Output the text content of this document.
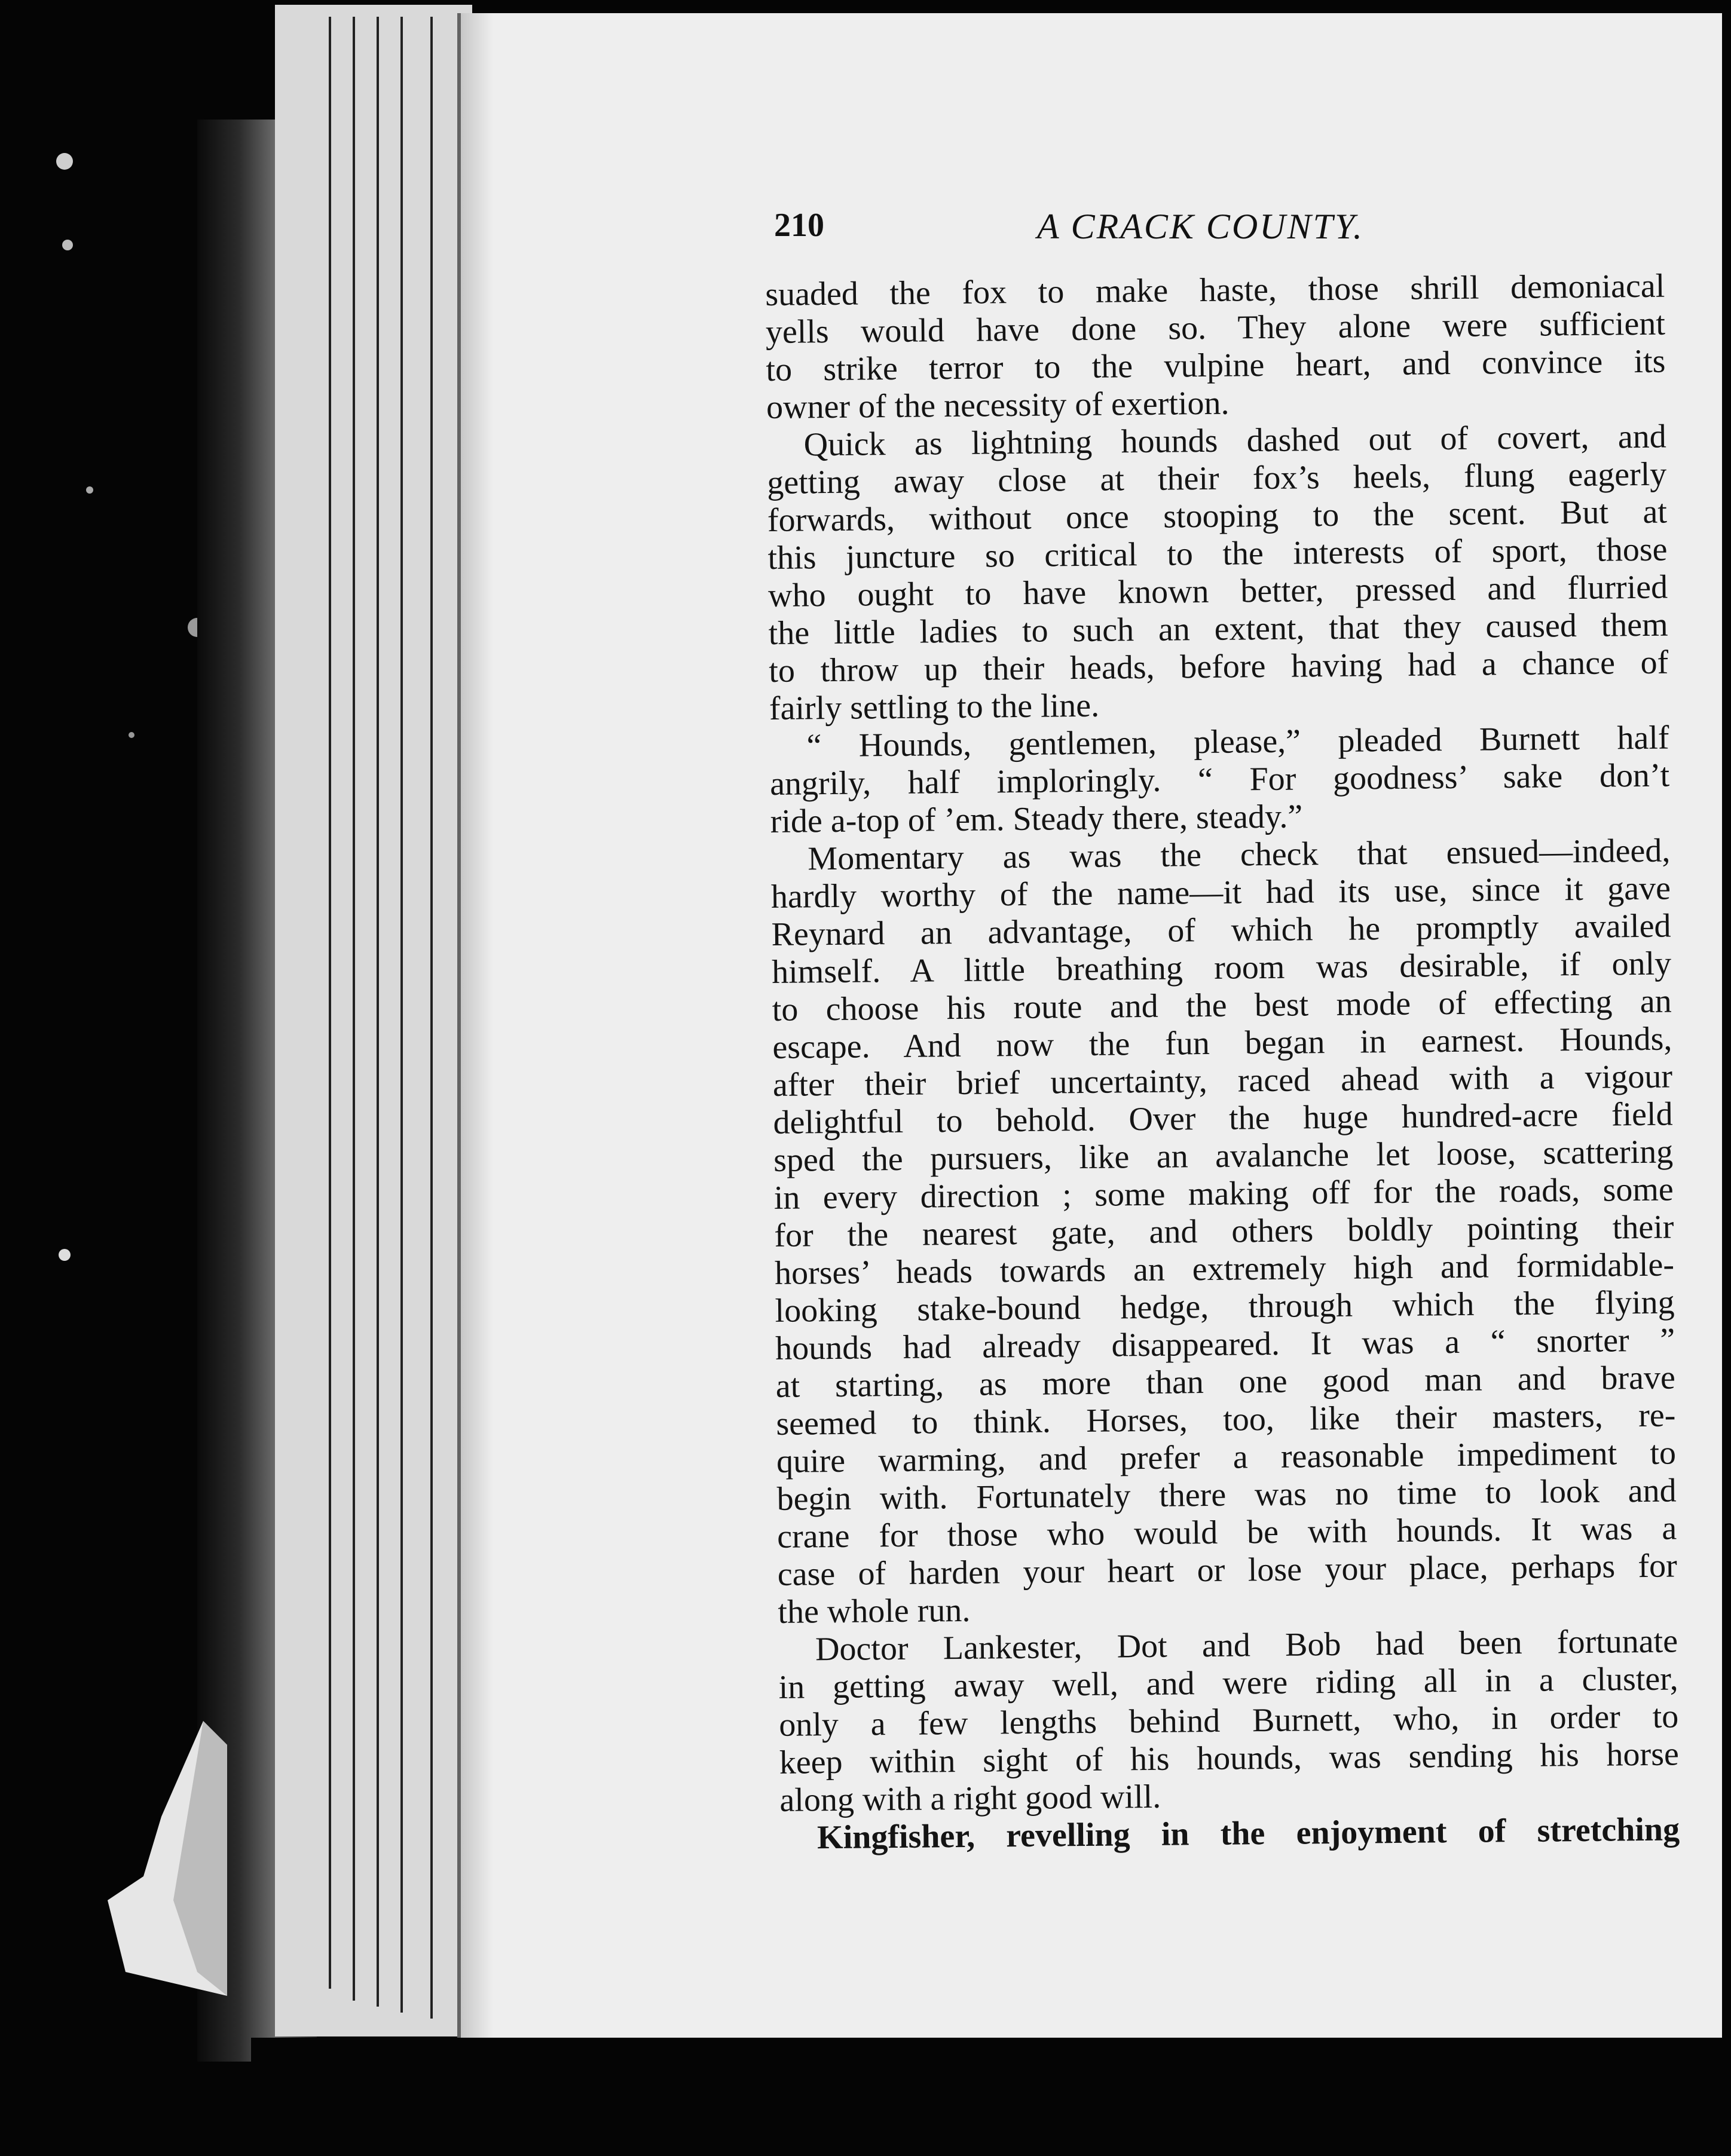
210	A CRACK COUNTY.
suaded the fox to make haste, those shrill demoniacal
yells would have done so. They alone were sufficient
to strike terror to the vulpine heart, and convince its
owner of the necessity of exertion.
Quick as lightning hounds dashed out of covert, and
getting away close at their fox’s heels, flung eagerly
forwards, without once stooping to the scent. But at
this juncture so critical to the interests of sport, those
who ought to have known better, pressed and flurried
the little ladies to such an extent, that they caused them
to throw up their heads, before having had a chance of
fairly settling to the line.
“ Hounds, gentlemen, please,” pleaded Burnett half
angrily, half imploringly. “ For goodness’ sake don’t
ride a-top of ’em. Steady there, steady.”
Momentary as was the check that ensued—indeed,
hardly worthy of the name—it had its use, since it gave
Reynard an advantage, of which he promptly availed
himself. A little breathing room was desirable, if only
to choose his route and the best mode of effecting an
escape. And now the fun began in earnest. Hounds,
after their brief uncertainty, raced ahead with a vigour
delightful to behold. Over the huge hundred-acre field
sped the pursuers, like an avalanche let loose, scattering
in every direction ; some making off for the roads, some
for the nearest gate, and others boldly pointing their
horses’ heads towards an extremely high and formidable-
looking stake-bound hedge, through which the flying
hounds had already disappeared. It was a “ snorter ”
at starting, as more than one good man and brave
seemed to think. Horses, too, like their masters, re-
quire warming, and prefer a reasonable impediment to
begin with. Fortunately there was no time to look and
crane for those who would be with hounds. It was a
case of harden your heart or lose your place, perhaps for
the whole run.
Doctor Lankester, Dot and Bob had been fortunate
in getting away well, and were riding all in a cluster,
only a few lengths behind Burnett, who, in order to
keep within sight of his hounds, was sending his horse
along with a right good will.
Kingfisher, revelling in the enjoyment of stretching
